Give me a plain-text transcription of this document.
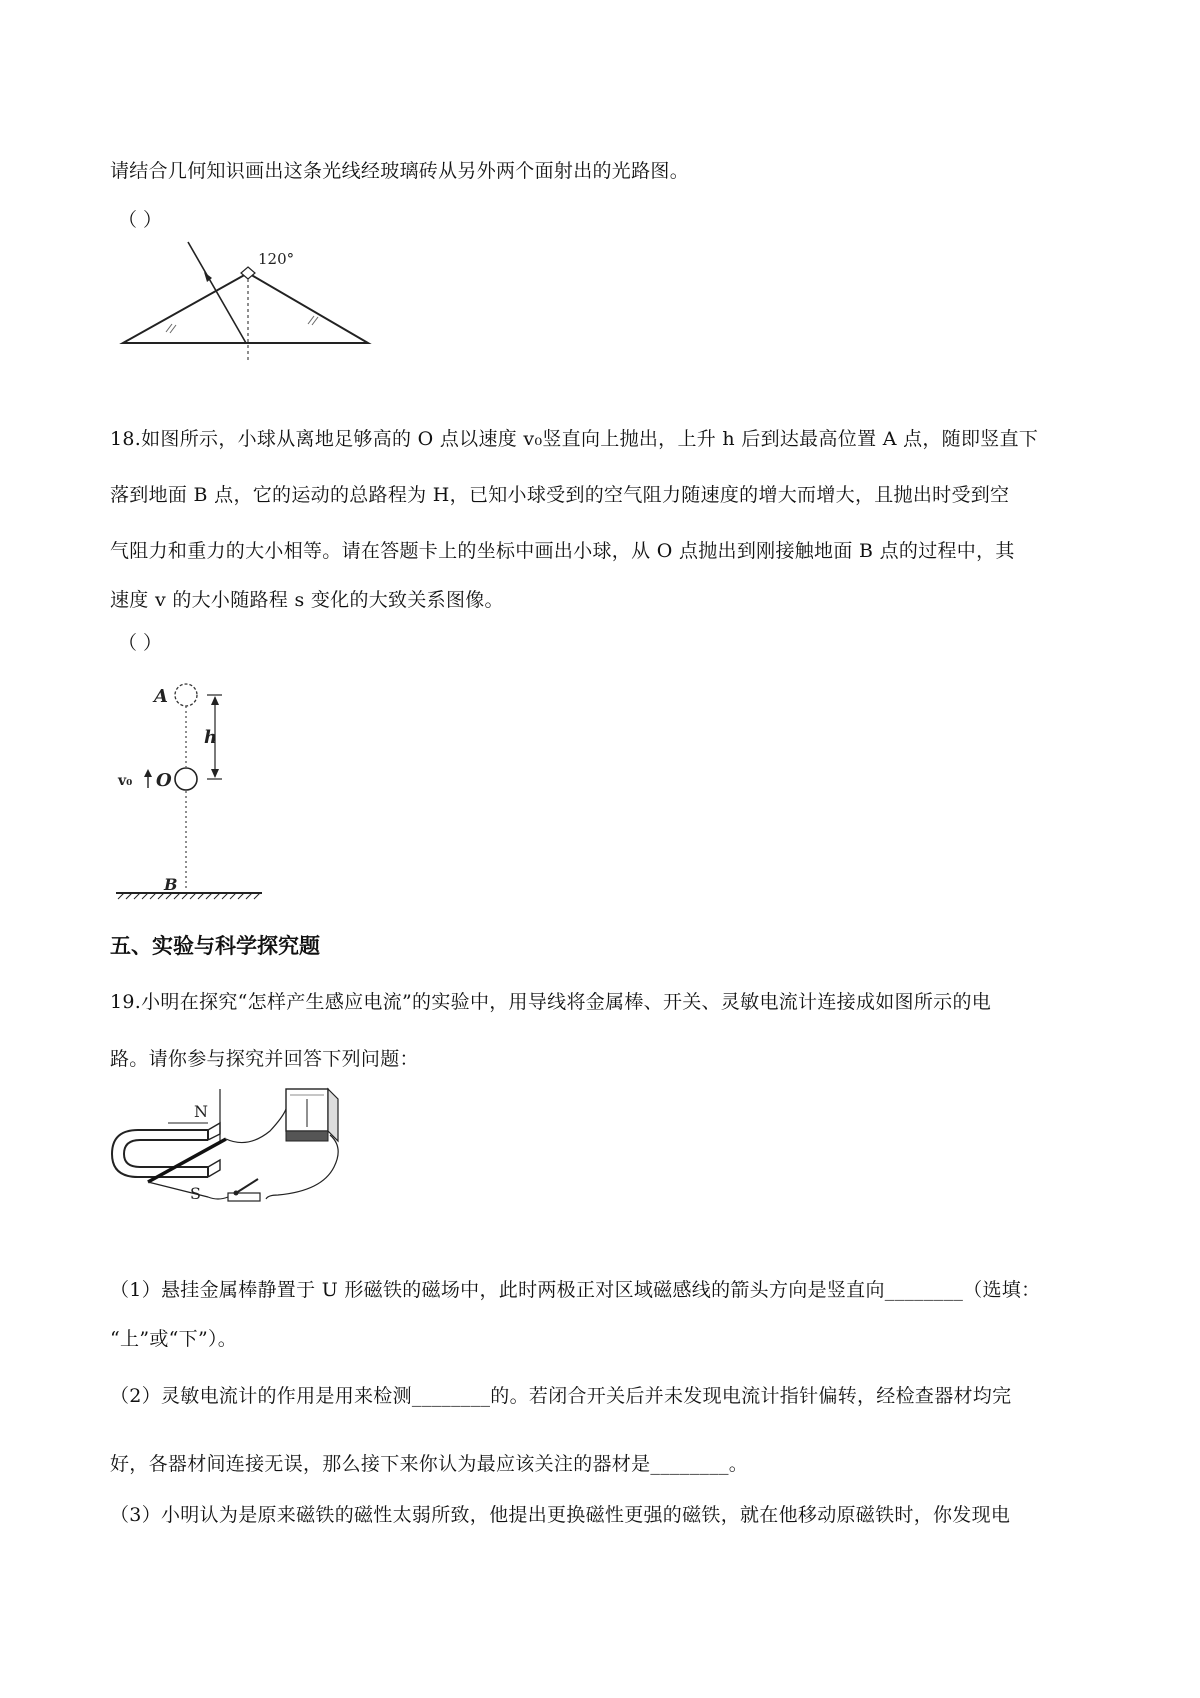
请结合几何知识画出这条光线经玻璃砖从另外两个面射出的光路图。
（ ）
120°
18.如图所示，小球从离地足够高的 O 点以速度 v₀竖直向上抛出，上升 h 后到达最高位置 A 点，随即竖直下
落到地面 B 点，它的运动的总路程为 H，已知小球受到的空气阻力随速度的增大而增大，且抛出时受到空
气阻力和重力的大小相等。请在答题卡上的坐标中画出小球，从 O 点抛出到刚接触地面 B 点的过程中，其
速度 v 的大小随路程 s 变化的大致关系图像。
（ ）
A
h
O
v₀
B
五、实验与科学探究题
19.小明在探究“怎样产生感应电流”的实验中，用导线将金属棒、开关、灵敏电流计连接成如图所示的电
路。请你参与探究并回答下列问题：
N
S
（1）悬挂金属棒静置于 U 形磁铁的磁场中，此时两极正对区域磁感线的箭头方向是竖直向________（选填：
“上”或“下”）。
（2）灵敏电流计的作用是用来检测________的。若闭合开关后并未发现电流计指针偏转，经检查器材均完
好，各器材间连接无误，那么接下来你认为最应该关注的器材是________。
（3）小明认为是原来磁铁的磁性太弱所致，他提出更换磁性更强的磁铁，就在他移动原磁铁时，你发现电
